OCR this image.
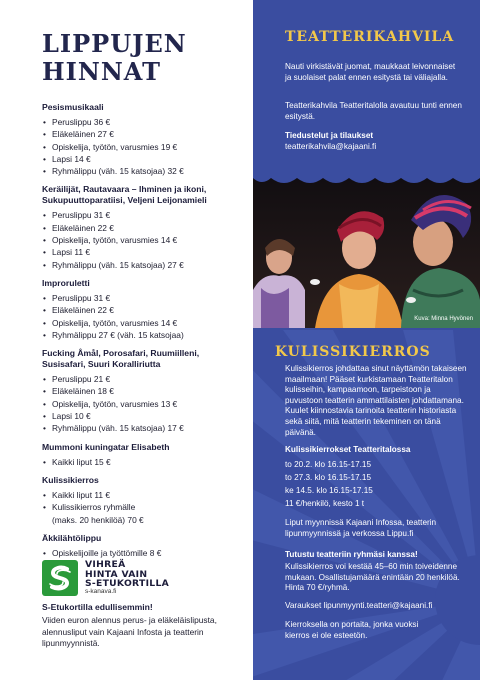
LIPPUJEN
HINNAT
Pesismusikaali
• Peruslippu 36 €
• Eläkeläinen 27 €
• Opiskelija, työtön, varusmies 19 €
• Lapsi 14 €
• Ryhmälippu (väh. 15 katsojaa) 32 €
Keräilijät, Rautavaara – Ihminen ja ikoni, Sukupuuttoparatiisi, Veljeni Leijonamieli
• Peruslippu 31 €
• Eläkeläinen 22 €
• Opiskelija, työtön, varusmies 14 €
• Lapsi 11 €
• Ryhmälippu (väh. 15 katsojaa) 27 €
Improruletti
• Peruslippu 31 €
• Eläkeläinen 22 €
• Opiskelija, työtön, varusmies 14 €
• Ryhmälippu 27 € (väh. 15 katsojaa)
Fucking Åmål, Porosafari, Ruumiilleni, Susisafari, Suuri Koralliriutta
• Peruslippu 21 €
• Eläkeläinen 18 €
• Opiskelija, työtön, varusmies 13 €
• Lapsi 10 €
• Ryhmälippu (väh. 15 katsojaa) 17 €
Mummoni kuningatar Elisabeth
• Kaikki liput 15 €
Kulissikierros
• Kaikki liput 11 €
• Kulissikierros ryhmälle
(maks. 20 henkilöä) 70 €
Äkkilähtölippu
• Opiskelijoille ja työttömille 8 €
VIHREÄ
HINTA VAIN
S-ETUKORTILLA
s-kanava.fi
S-Etukortilla edullisemmin!
Viiden euron alennus perus- ja eläkeläislipusta, alennusliput vain Kajaani Infosta ja teatterin lipunmyynnistä.
TEATTERIKAHVILA
Nauti virkistävät juomat, maukkaat leivonnaiset ja suolaiset palat ennen esitystä tai väliajalla.
Teatterikahvila Teatteritalolla avautuu tunti ennen esitystä.
Tiedustelut ja tilaukset
teatterikahvila@kajaani.fi
Kuva: Minna Hyvönen
KULISSIKIERROS
Kulissikierros johdattaa sinut näyttämön takaiseen maailmaan! Pääset kurkistamaan Teatteritalon kulisseihin, kampaamoon, tarpeistoon ja puvustoon teatterin ammattilaisten johdattamana. Kuulet kiinnostavia tarinoita teatterin historiasta sekä siitä, mitä teatterin tekeminen on tänä päivänä.
Kulissikierrokset Teatteritalossa
to 20.2. klo 16.15-17.15
to 27.3. klo 16.15-17.15
ke 14.5. klo 16.15-17.15
11 €/henkilö, kesto 1 t
Liput myynnissä Kajaani Infossa, teatterin lipunmyynnissä ja verkossa Lippu.fi
Tutustu teatteriin ryhmäsi kanssa!
Kulissikierros voi kestää 45–60 min toiveidenne mukaan. Osallistujamäärä enintään 20 henkilöä. Hinta 70 €/ryhmä.
Varaukset lipunmyynti.teatteri@kajaani.fi
Kierroksella on portaita, jonka vuoksi kierros ei ole esteetön.
